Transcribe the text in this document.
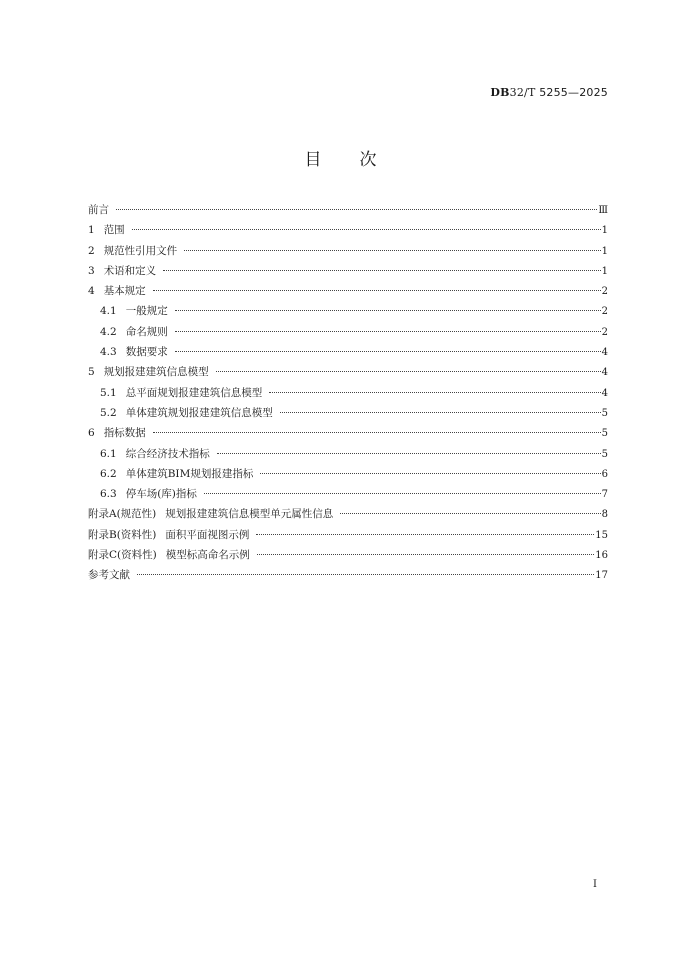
DB32/T 5255—2025
目次
前言	Ⅲ
1 范围	1
2 规范性引用文件	1
3 术语和定义	1
4 基本规定	2
4.1 一般规定	2
4.2 命名规则	2
4.3 数据要求	4
5 规划报建建筑信息模型	4
5.1 总平面规划报建建筑信息模型	4
5.2 单体建筑规划报建建筑信息模型	5
6 指标数据	5
6.1 综合经济技术指标	5
6.2 单体建筑BIM规划报建指标	6
6.3 停车场(库)指标	7
附录A(规范性) 规划报建建筑信息模型单元属性信息	8
附录B(资料性) 面积平面视图示例	15
附录C(资料性) 模型标高命名示例	16
参考文献	17
Ⅰ
